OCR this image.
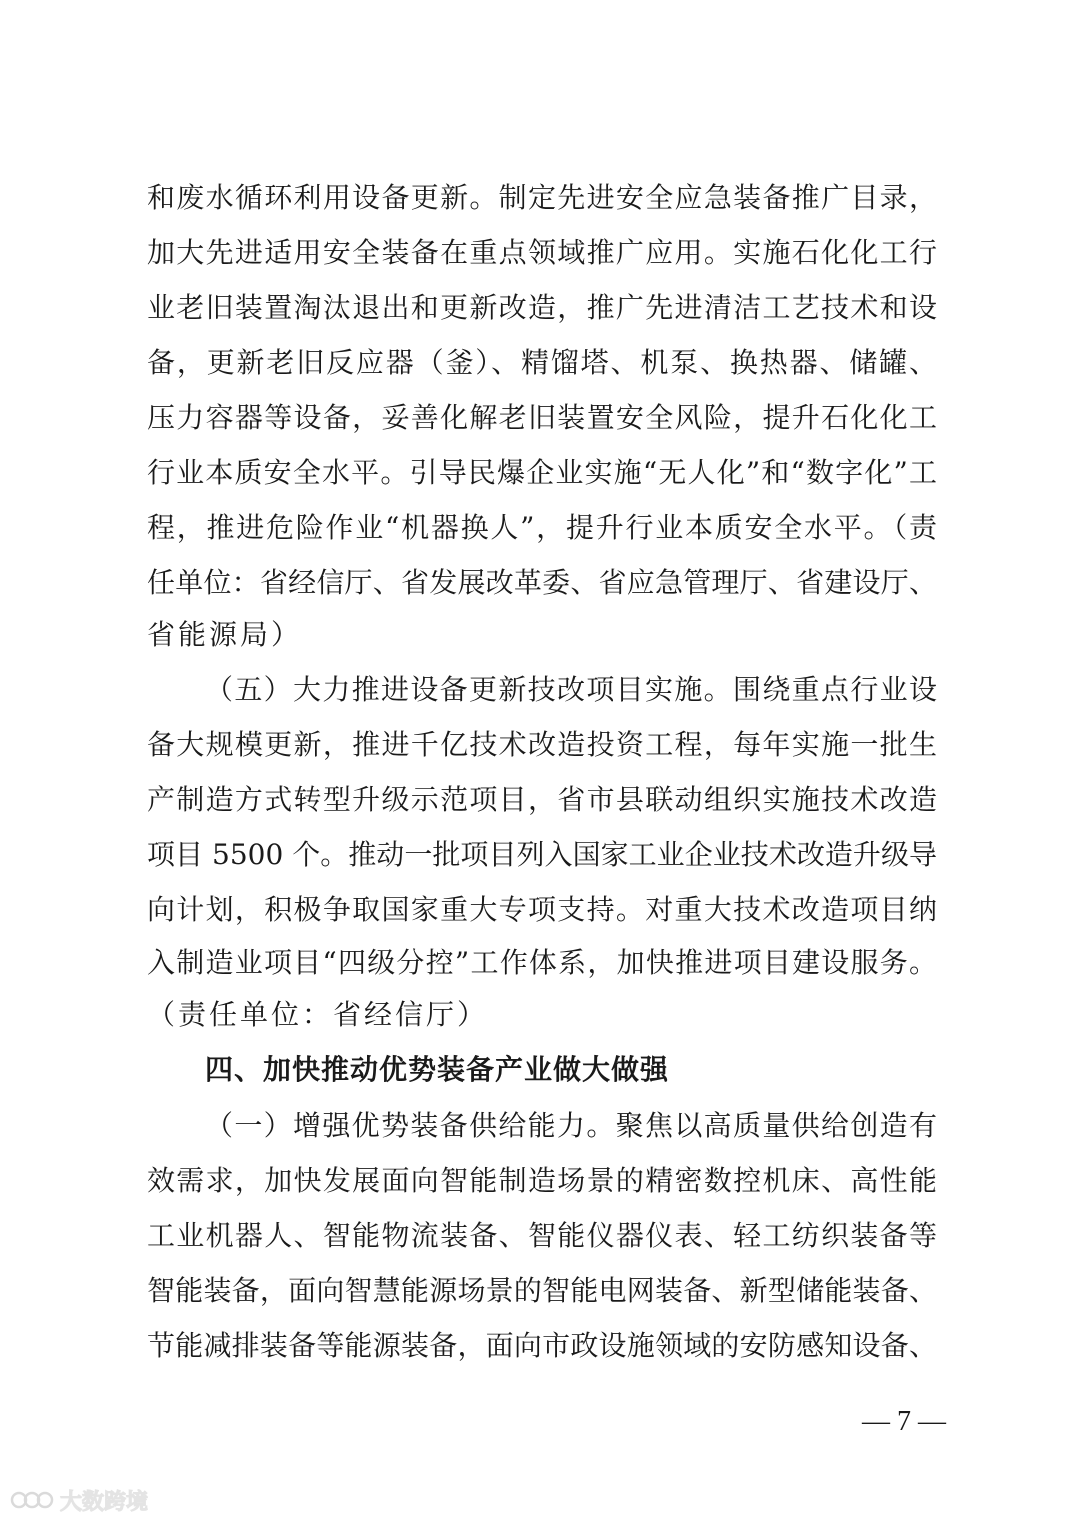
和废水循环利用设备更新。制定先进安全应急装备推广目录，
加大先进适用安全装备在重点领域推广应用。实施石化化工行
业老旧装置淘汰退出和更新改造，推广先进清洁工艺技术和设
备，更新老旧反应器（釜）、精馏塔、机泵、换热器、储罐、
压力容器等设备，妥善化解老旧装置安全风险，提升石化化工
行业本质安全水平。引导民爆企业实施“无人化”和“数字化”工
程，推进危险作业“机器换人”，提升行业本质安全水平。（责
任单位：省经信厅、省发展改革委、省应急管理厅、省建设厅、
省能源局）
（五）大力推进设备更新技改项目实施。围绕重点行业设
备大规模更新，推进千亿技术改造投资工程，每年实施一批生
产制造方式转型升级示范项目，省市县联动组织实施技术改造
项目 5500 个。推动一批项目列入国家工业企业技术改造升级导
向计划，积极争取国家重大专项支持。对重大技术改造项目纳
入制造业项目“四级分控”工作体系，加快推进项目建设服务。
（责任单位：省经信厅）
四、加快推动优势装备产业做大做强
（一）增强优势装备供给能力。聚焦以高质量供给创造有
效需求，加快发展面向智能制造场景的精密数控机床、高性能
工业机器人、智能物流装备、智能仪器仪表、轻工纺织装备等
智能装备，面向智慧能源场景的智能电网装备、新型储能装备、
节能减排装备等能源装备，面向市政设施领域的安防感知设备、
— 7 —
大数跨境
